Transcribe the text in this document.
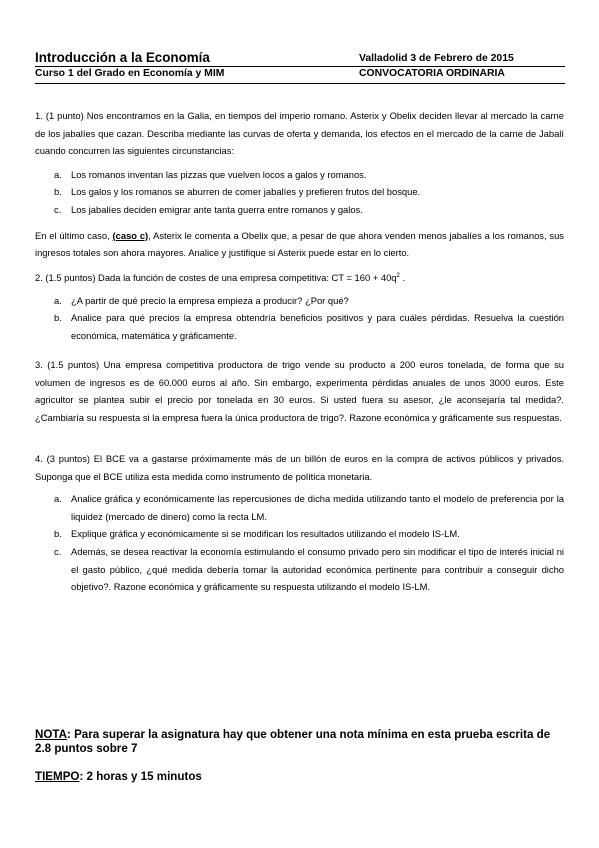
Introducción a la Economía	Valladolid 3 de Febrero de 2015
Curso 1 del Grado en Economía y MIM	CONVOCATORIA ORDINARIA

1. (1 punto) Nos encontramos en la Galia, en tiempos del imperio romano. Asterix y Obelix deciden llevar al mercado la carne de los jabalíes que cazan. Describa mediante las curvas de oferta y demanda, los efectos en el mercado de la carne de Jabalí cuando concurren las siguientes circunstancias:

a. Los romanos inventan las pizzas que vuelven locos a galos y romanos.
b. Los galos y los romanos se aburren de comer jabalíes y prefieren frutos del bosque.
c. Los jabalíes deciden emigrar ante tanta guerra entre romanos y galos.

En el último caso, (caso c), Asterix le comenta a Obelix que, a pesar de que ahora venden menos jabalíes a los romanos, sus ingresos totales son ahora mayores. Analice y justifique si Asterix puede estar en lo cierto.

2. (1.5 puntos) Dada la función de costes de una empresa competitiva: CT = $160 + 40q^2$ .

a. ¿A partir de qué precio la empresa empieza a producir? ¿Por qué?
b. Analice para qué precios la empresa obtendría beneficios positivos y para cuáles pérdidas. Resuelva la cuestión económica, matemática y gráficamente.

3. (1.5 puntos) Una empresa competitiva productora de trigo vende su producto a 200 euros tonelada, de forma que su volumen de ingresos es de 60.000 euros al año. Sin embargo, experimenta pérdidas anuales de unos 3000 euros. Este agricultor se plantea subir el precio por tonelada en 30 euros. Si usted fuera su asesor, ¿le aconsejaría tal medida?. ¿Cambiaría su respuesta si la empresa fuera la única productora de trigo?. Razone económica y gráficamente sus respuestas.

4. (3 puntos) El BCE va a gastarse próximamente más de un billón de euros en la compra de activos públicos y privados. Suponga que el BCE utiliza esta medida como instrumento de política monetaria.

a. Analice gráfica y económicamente las repercusiones de dicha medida utilizando tanto el modelo de preferencia por la liquidez (mercado de dinero) como la recta LM.
b. Explique gráfica y económicamente si se modifican los resultados utilizando el modelo IS-LM.
c. Además, se desea reactivar la economía estimulando el consumo privado pero sin modificar el tipo de interés inicial ni el gasto público, ¿qué medida debería tomar la autoridad económica pertinente para contribuir a conseguir dicho objetivo?. Razone económica y gráficamente su respuesta utilizando el modelo IS-LM.
NOTA: Para superar la asignatura hay que obtener una nota mínima en esta prueba escrita de 2.8 puntos sobre 7
TIEMPO: 2 horas y 15 minutos
